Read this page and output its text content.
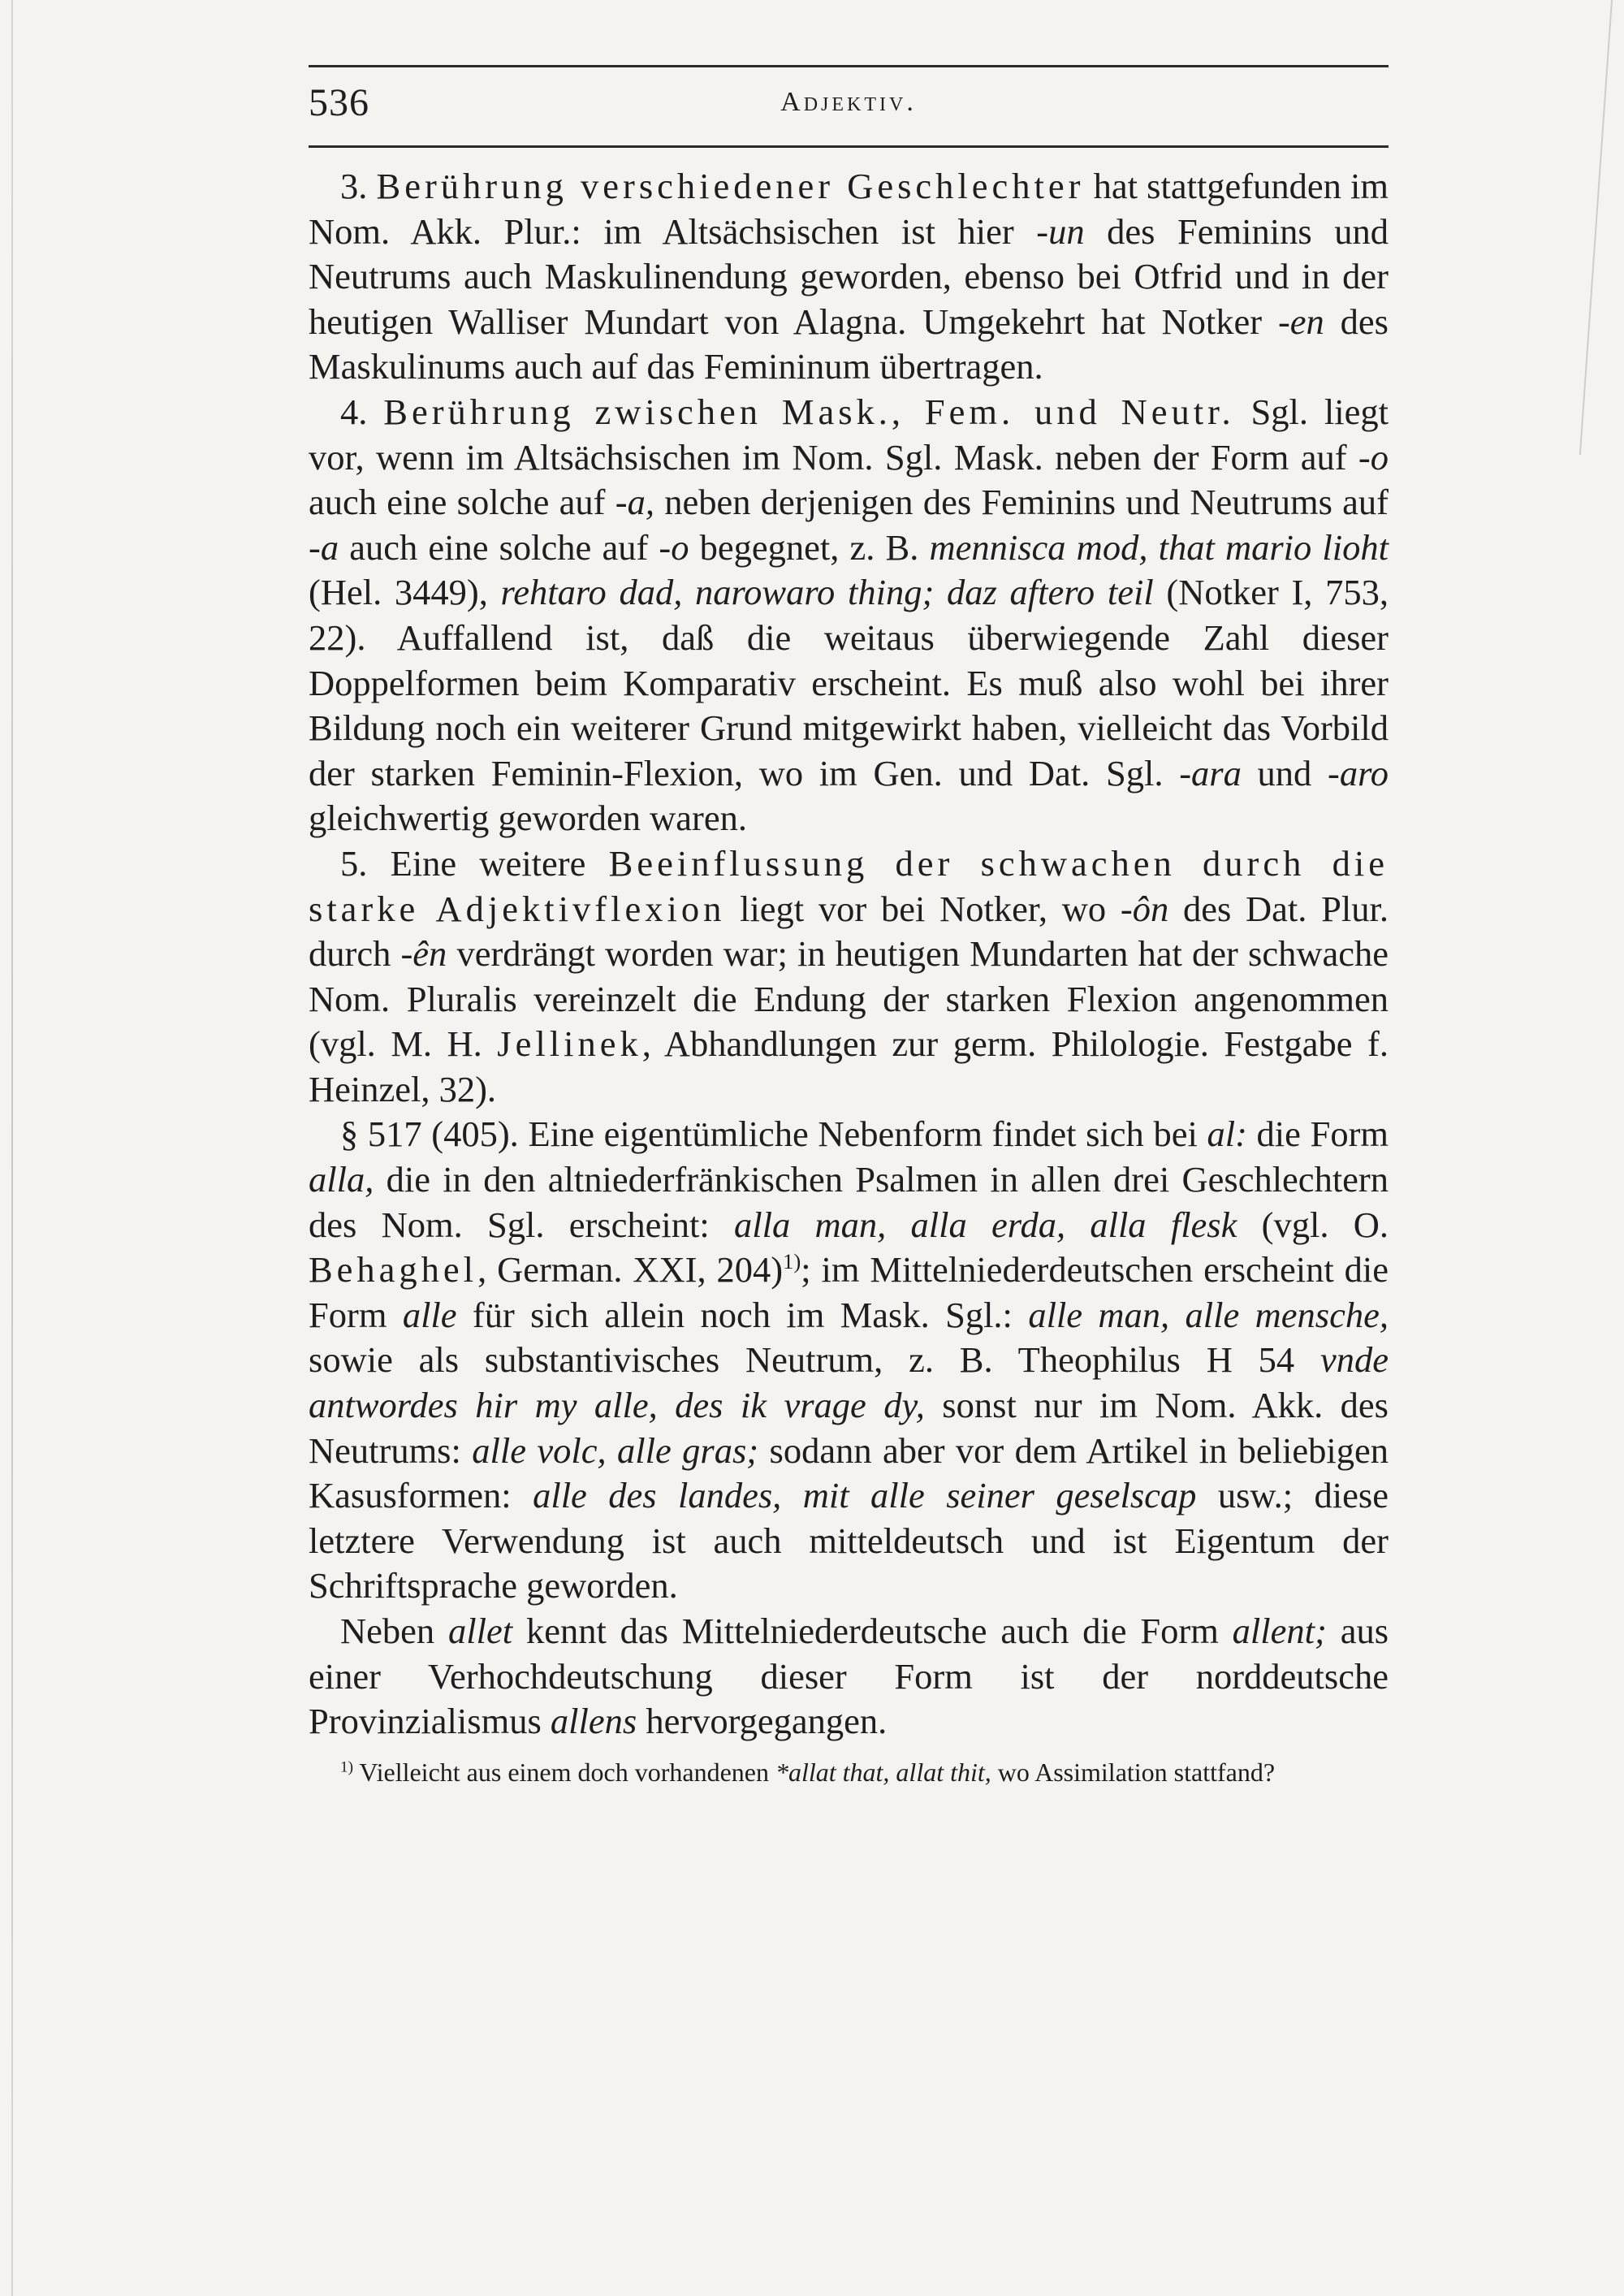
536	Adjektiv.

3. Berührung verschiedener Geschlechter hat stattgefunden im Nom. Akk. Plur.: im Altsächsischen ist hier -un des Feminins und Neutrums auch Maskulinendung geworden, ebenso bei Otfrid und in der heutigen Walliser Mundart von Alagna. Umgekehrt hat Notker -en des Maskulinums auch auf das Femininum übertragen.

4. Berührung zwischen Mask., Fem. und Neutr. Sgl. liegt vor, wenn im Altsächsischen im Nom. Sgl. Mask. neben der Form auf -o auch eine solche auf -a, neben derjenigen des Feminins und Neutrums auf -a auch eine solche auf -o begegnet, z. B. mennisca mod, that mario lioht (Hel. 3449), rehtaro dad, narowaro thing; daz aftero teil (Notker I, 753, 22). Auffallend ist, daß die weitaus überwiegende Zahl dieser Doppelformen beim Komparativ erscheint. Es muß also wohl bei ihrer Bildung noch ein weiterer Grund mitgewirkt haben, vielleicht das Vorbild der starken Feminin-Flexion, wo im Gen. und Dat. Sgl. -ara und -aro gleichwertig geworden waren.

5. Eine weitere Beeinflussung der schwachen durch die starke Adjektivflexion liegt vor bei Notker, wo -ôn des Dat. Plur. durch -ên verdrängt worden war; in heutigen Mundarten hat der schwache Nom. Pluralis vereinzelt die Endung der starken Flexion angenommen (vgl. M. H. Jellinek, Abhandlungen zur germ. Philologie. Festgabe f. Heinzel, 32).

§ 517 (405). Eine eigentümliche Nebenform findet sich bei al: die Form alla, die in den altniederfränkischen Psalmen in allen drei Geschlechtern des Nom. Sgl. erscheint: alla man, alla erda, alla flesk (vgl. O. Behaghel, German. XXI, 204)$^{1)}$; im Mittelniederdeutschen erscheint die Form alle für sich allein noch im Mask. Sgl.: alle man, alle mensche, sowie als substantivisches Neutrum, z. B. Theophilus H 54 vnde antwordes hir my alle, des ik vrage dy, sonst nur im Nom. Akk. des Neutrums: alle volc, alle gras; sodann aber vor dem Artikel in beliebigen Kasusformen: alle des landes, mit alle seiner geselscap usw.; diese letztere Verwendung ist auch mitteldeutsch und ist Eigentum der Schriftsprache geworden.

Neben allet kennt das Mittelniederdeutsche auch die Form allent; aus einer Verhochdeutschung dieser Form ist der norddeutsche Provinzialismus allens hervorgegangen.

$^{1)}$ Vielleicht aus einem doch vorhandenen *allat that, allat thit, wo Assimilation stattfand?
